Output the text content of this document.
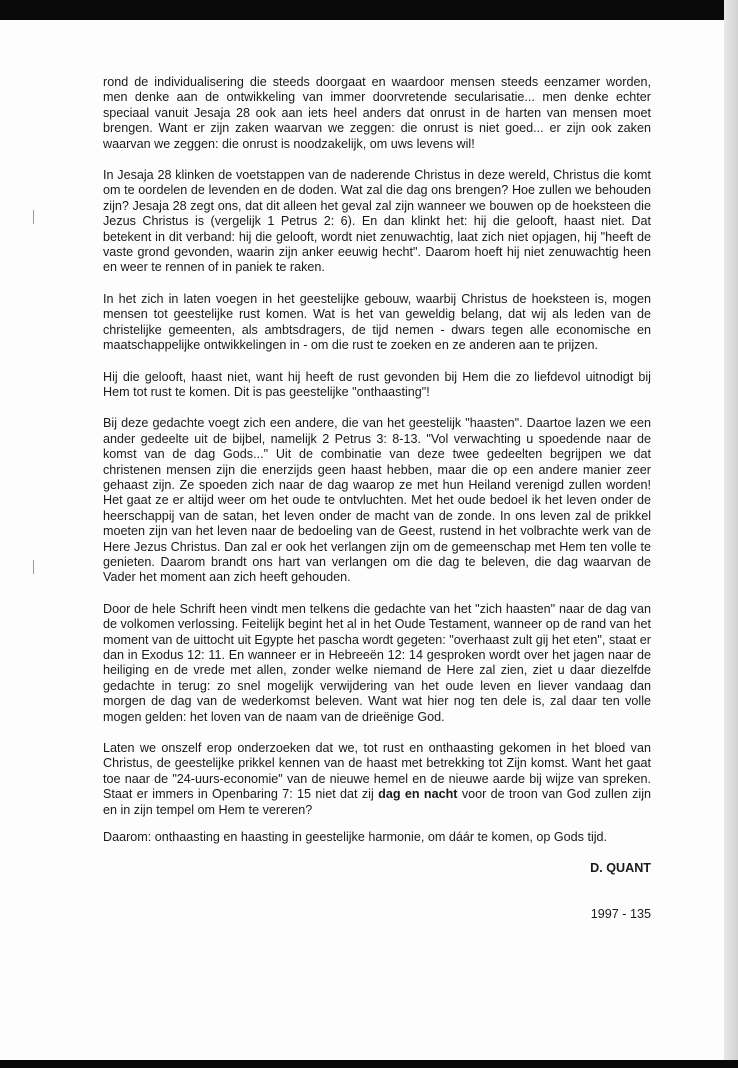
rond de individualisering die steeds doorgaat en waardoor mensen steeds eenzamer worden, men denke aan de ontwikkeling van immer doorvretende secularisatie... men denke echter speciaal vanuit Jesaja 28 ook aan iets heel anders dat onrust in de harten van mensen moet brengen. Want er zijn zaken waarvan we zeggen: die onrust is niet goed... er zijn ook zaken waarvan we zeggen: die onrust is noodzakelijk, om uws levens wil!

In Jesaja 28 klinken de voetstappen van de naderende Christus in deze wereld, Christus die komt om te oordelen de levenden en de doden. Wat zal die dag ons brengen? Hoe zullen we behouden zijn? Jesaja 28 zegt ons, dat dit alleen het geval zal zijn wanneer we bouwen op de hoeksteen die Jezus Christus is (vergelijk 1 Petrus 2: 6). En dan klinkt het: hij die gelooft, haast niet. Dat betekent in dit verband: hij die gelooft, wordt niet zenuwachtig, laat zich niet opjagen, hij "heeft de vaste grond gevonden, waarin zijn anker eeuwig hecht". Daarom hoeft hij niet zenuwachtig heen en weer te rennen of in paniek te raken.

In het zich in laten voegen in het geestelijke gebouw, waarbij Christus de hoeksteen is, mogen mensen tot geestelijke rust komen. Wat is het van geweldig belang, dat wij als leden van de christelijke gemeenten, als ambtsdragers, de tijd nemen - dwars tegen alle economische en maatschappelijke ontwikkelingen in - om die rust te zoeken en ze anderen aan te prijzen.

Hij die gelooft, haast niet, want hij heeft de rust gevonden bij Hem die zo liefdevol uitnodigt bij Hem tot rust te komen. Dit is pas geestelijke "onthaasting"!

Bij deze gedachte voegt zich een andere, die van het geestelijk "haasten". Daartoe lazen we een ander gedeelte uit de bijbel, namelijk 2 Petrus 3: 8-13. "Vol verwachting u spoedende naar de komst van de dag Gods..." Uit de combinatie van deze twee gedeelten begrijpen we dat christenen mensen zijn die enerzijds geen haast hebben, maar die op een andere manier zeer gehaast zijn. Ze spoeden zich naar de dag waarop ze met hun Heiland verenigd zullen worden! Het gaat ze er altijd weer om het oude te ontvluchten. Met het oude bedoel ik het leven onder de heerschappij van de satan, het leven onder de macht van de zonde. In ons leven zal de prikkel moeten zijn van het leven naar de bedoeling van de Geest, rustend in het volbrachte werk van de Here Jezus Christus. Dan zal er ook het verlangen zijn om de gemeenschap met Hem ten volle te genieten. Daarom brandt ons hart van verlangen om die dag te beleven, die dag waarvan de Vader het moment aan zich heeft gehouden.

Door de hele Schrift heen vindt men telkens die gedachte van het "zich haasten" naar de dag van de volkomen verlossing. Feitelijk begint het al in het Oude Testament, wanneer op de rand van het moment van de uittocht uit Egypte het pascha wordt gegeten: "overhaast zult gij het eten", staat er dan in Exodus 12: 11. En wanneer er in Hebreeën 12: 14 gesproken wordt over het jagen naar de heiliging en de vrede met allen, zonder welke niemand de Here zal zien, ziet u daar diezelfde gedachte in terug: zo snel mogelijk verwijdering van het oude leven en liever vandaag dan morgen de dag van de wederkomst beleven. Want wat hier nog ten dele is, zal daar ten volle mogen gelden: het loven van de naam van de drieënige God.

Laten we onszelf erop onderzoeken dat we, tot rust en onthaasting gekomen in het bloed van Christus, de geestelijke prikkel kennen van de haast met betrekking tot Zijn komst. Want het gaat toe naar de "24-uurs-economie" van de nieuwe hemel en de nieuwe aarde bij wijze van spreken. Staat er immers in Openbaring 7: 15 niet dat zij dag en nacht voor de troon van God zullen zijn en in zijn tempel om Hem te vereren?

Daarom: onthaasting en haasting in geestelijke harmonie, om dáár te komen, op Gods tijd.

D. QUANT

1997 - 135
